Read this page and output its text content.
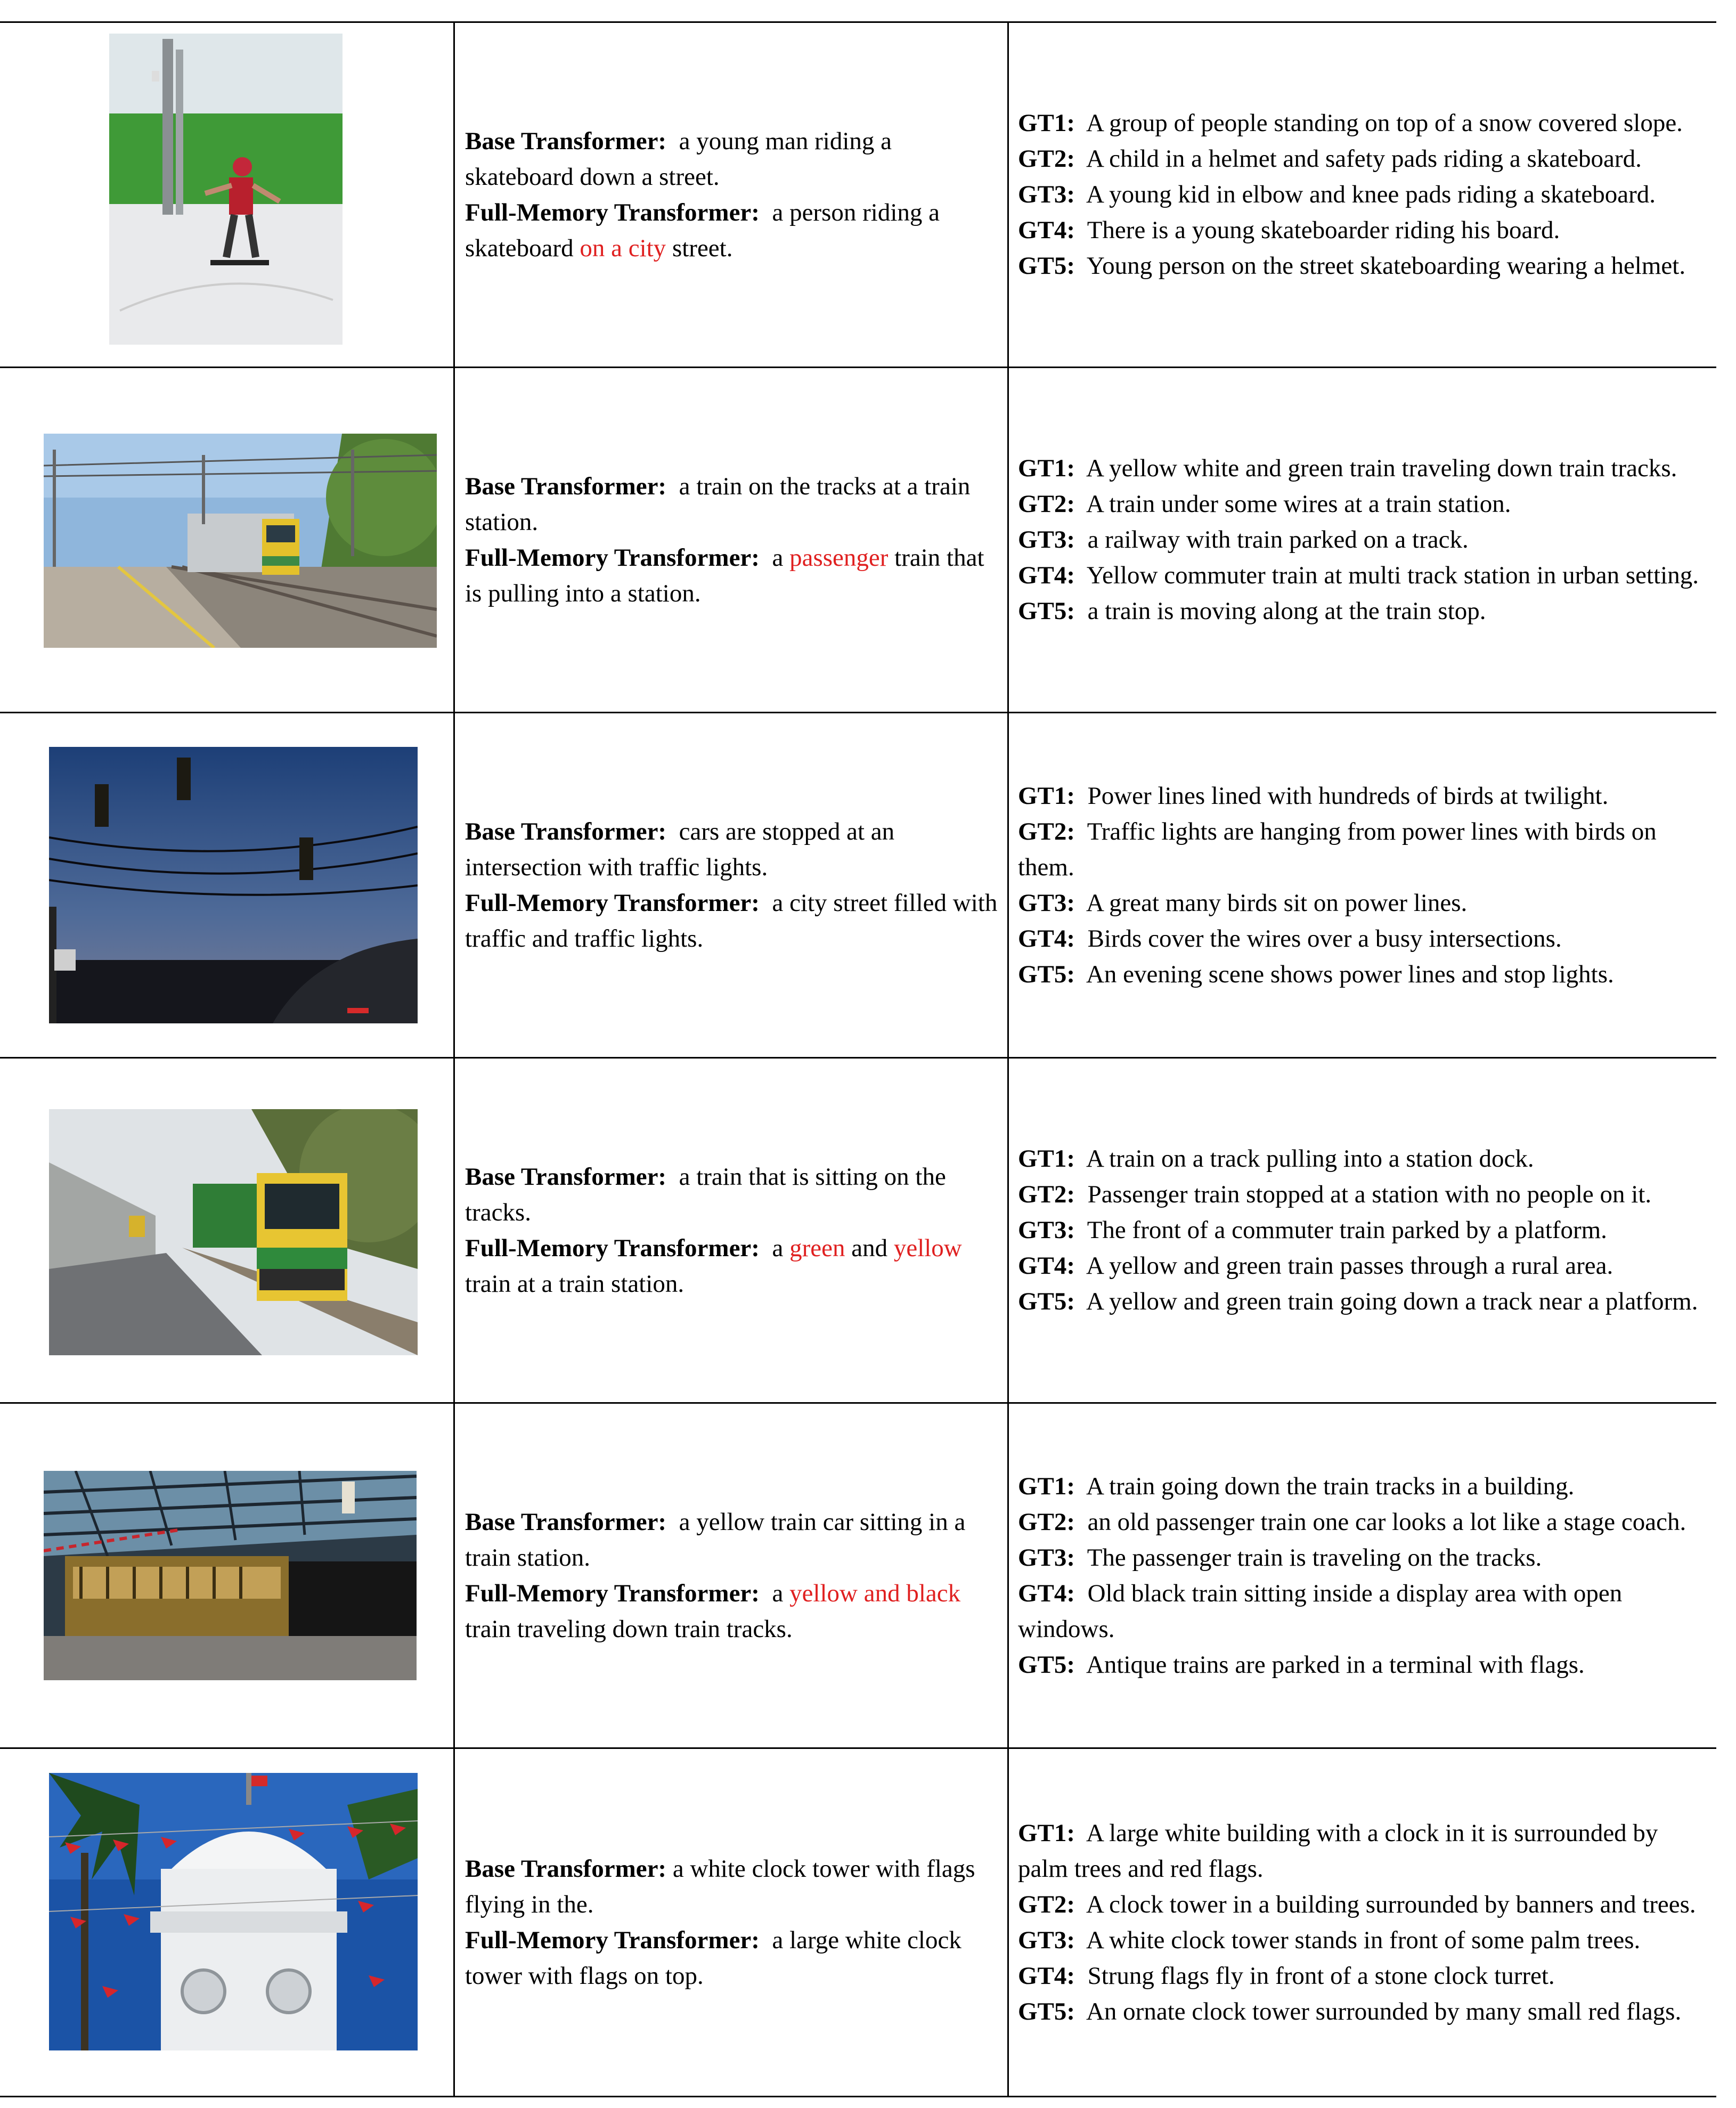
Base Transformer: a young man riding a skateboard down a street.
Full-Memory Transformer: a person riding a skateboard on a city street.
GT1: A group of people standing on top of a snow covered slope.
GT2: A child in a helmet and safety pads riding a skateboard.
GT3: A young kid in elbow and knee pads riding a skateboard.
GT4: There is a young skateboarder riding his board.
GT5: Young person on the street skateboarding wearing a helmet.
Base Transformer: a train on the tracks at a train station.
Full-Memory Transformer: a passenger train that is pulling into a station.
GT1: A yellow white and green train traveling down train tracks.
GT2: A train under some wires at a train station.
GT3: a railway with train parked on a track.
GT4: Yellow commuter train at multi track station in urban setting.
GT5: a train is moving along at the train stop.
Base Transformer: cars are stopped at an intersection with traffic lights.
Full-Memory Transformer: a city street filled with traffic and traffic lights.
GT1: Power lines lined with hundreds of birds at twilight.
GT2: Traffic lights are hanging from power lines with birds on them.
GT3: A great many birds sit on power lines.
GT4: Birds cover the wires over a busy intersections.
GT5: An evening scene shows power lines and stop lights.
Base Transformer: a train that is sitting on the tracks.
Full-Memory Transformer: a green and yellow train at a train station.
GT1: A train on a track pulling into a station dock.
GT2: Passenger train stopped at a station with no people on it.
GT3: The front of a commuter train parked by a platform.
GT4: A yellow and green train passes through a rural area.
GT5: A yellow and green train going down a track near a platform.
Base Transformer: a yellow train car sitting in a train station.
Full-Memory Transformer: a yellow and black train traveling down train tracks.
GT1: A train going down the train tracks in a building.
GT2: an old passenger train one car looks a lot like a stage coach.
GT3: The passenger train is traveling on the tracks.
GT4: Old black train sitting inside a display area with open windows.
GT5: Antique trains are parked in a terminal with flags.
Base Transformer: a white clock tower with flags flying in the.
Full-Memory Transformer: a large white clock tower with flags on top.
GT1: A large white building with a clock in it is surrounded by palm trees and red flags.
GT2: A clock tower in a building surrounded by banners and trees.
GT3: A white clock tower stands in front of some palm trees.
GT4: Strung flags fly in front of a stone clock turret.
GT5: An ornate clock tower surrounded by many small red flags.
